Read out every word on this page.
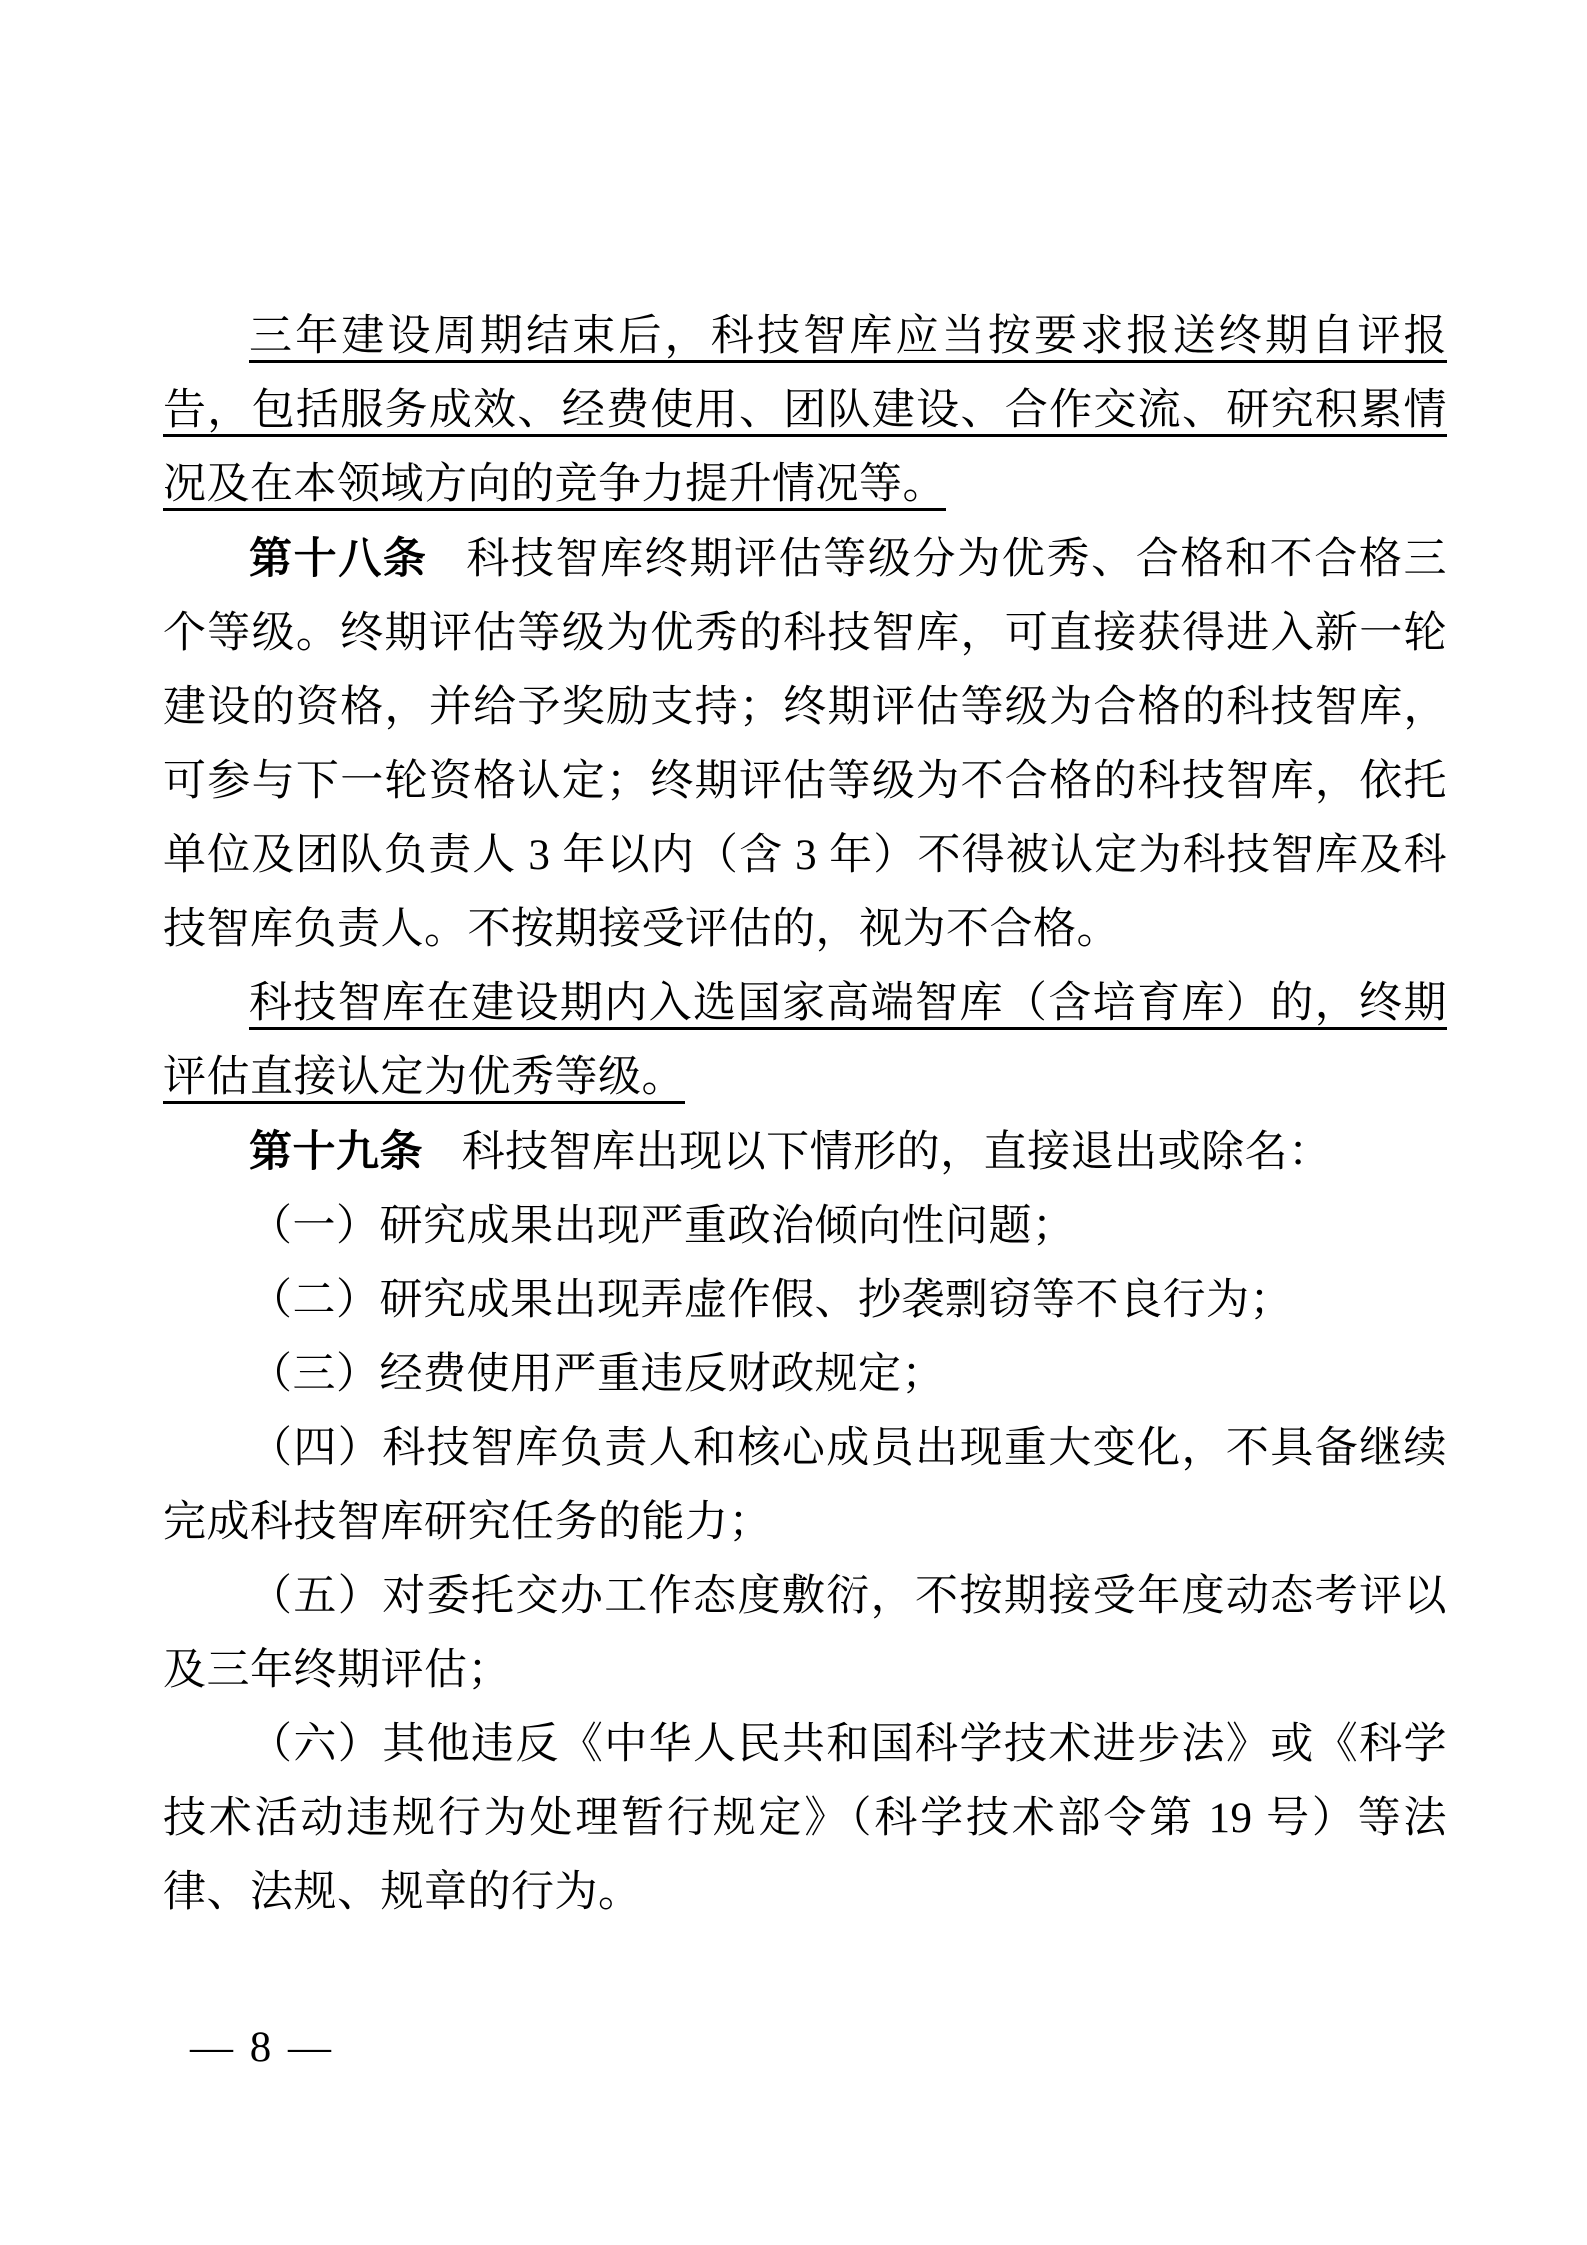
三年建设周期结束后，科技智库应当按要求报送终期自评报告，包括服务成效、经费使用、团队建设、合作交流、研究积累情况及在本领域方向的竞争力提升情况等。

第十八条 科技智库终期评估等级分为优秀、合格和不合格三个等级。终期评估等级为优秀的科技智库，可直接获得进入新一轮建设的资格，并给予奖励支持；终期评估等级为合格的科技智库，可参与下一轮资格认定；终期评估等级为不合格的科技智库，依托单位及团队负责人 3 年以内（含 3 年）不得被认定为科技智库及科技智库负责人。不按期接受评估的，视为不合格。

科技智库在建设期内入选国家高端智库（含培育库）的，终期评估直接认定为优秀等级。

第十九条 科技智库出现以下情形的，直接退出或除名：

（一）研究成果出现严重政治倾向性问题；

（二）研究成果出现弄虚作假、抄袭剽窃等不良行为；

（三）经费使用严重违反财政规定；

（四）科技智库负责人和核心成员出现重大变化，不具备继续完成科技智库研究任务的能力；

（五）对委托交办工作态度敷衍，不按期接受年度动态考评以及三年终期评估；

（六）其他违反《中华人民共和国科学技术进步法》或《科学技术活动违规行为处理暂行规定》（科学技术部令第 19 号）等法律、法规、规章的行为。

— 8 —
